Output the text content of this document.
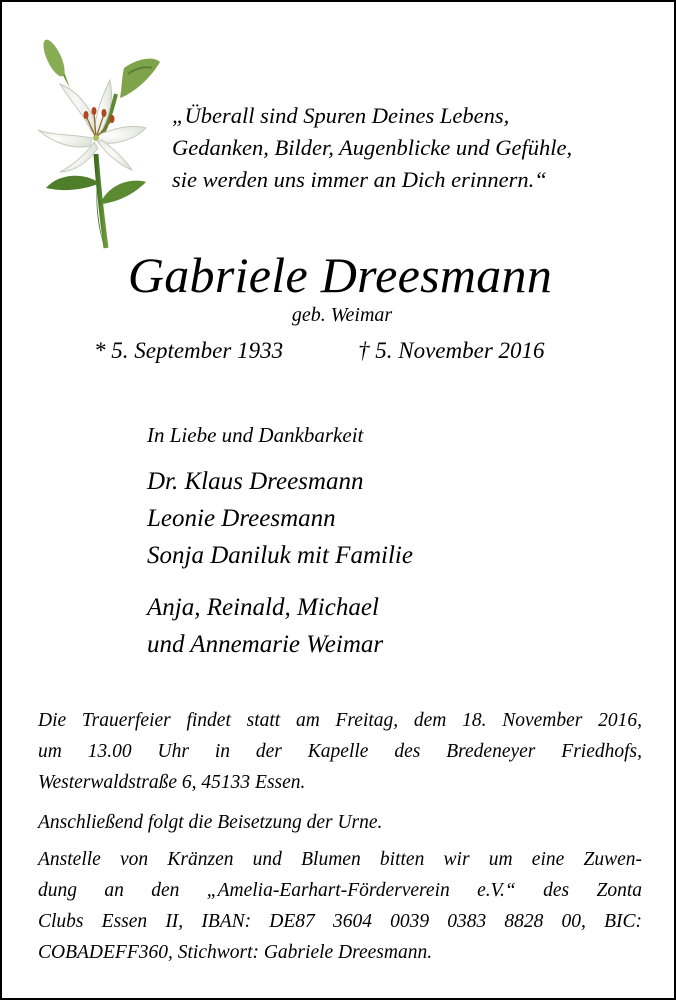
„Überall sind Spuren Deines Lebens,
Gedanken, Bilder, Augenblicke und Gefühle,
sie werden uns immer an Dich erinnern.“
Gabriele Dreesmann
geb. Weimar
* 5. September 1933	† 5. November 2016
In Liebe und Dankbarkeit
Dr. Klaus Dreesmann
Leonie Dreesmann
Sonja Daniluk mit Familie
Anja, Reinald, Michael
und Annemarie Weimar
Die Trauerfeier findet statt am Freitag, dem 18. November 2016,
um 13.00 Uhr in der Kapelle des Bredeneyer Friedhofs,
Westerwaldstraße 6, 45133 Essen.
Anschließend folgt die Beisetzung der Urne.
Anstelle von Kränzen und Blumen bitten wir um eine Zuwen-
dung an den „Amelia-Earhart-Förderverein e.V.“ des Zonta
Clubs Essen II, IBAN: DE87 3604 0039 0383 8828 00, BIC:
COBADEFF360, Stichwort: Gabriele Dreesmann.
